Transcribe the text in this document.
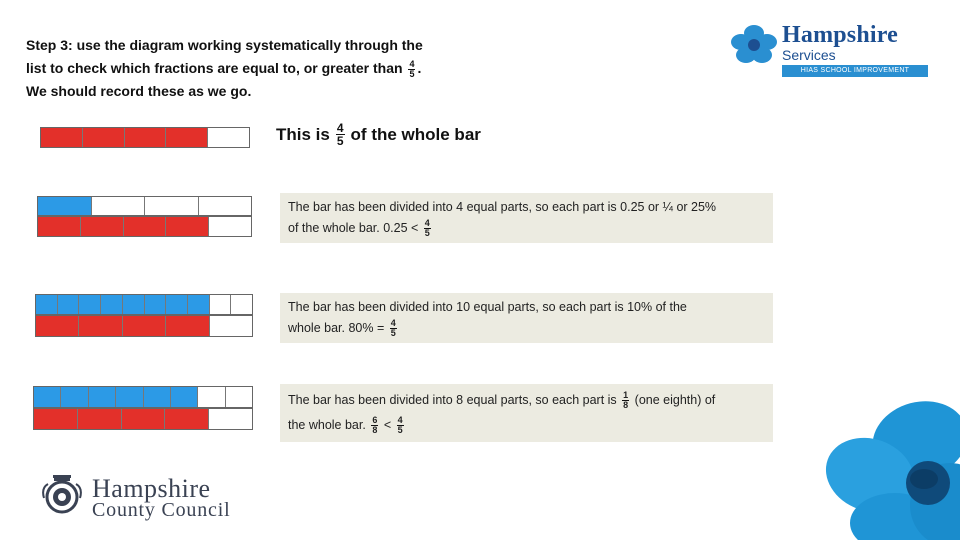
Step 3: use the diagram working systematically through the
list to check which fractions are equal to, or greater than $\frac{4}{5}$ .
We should record these as we go.
Hampshire
Services
HIAS SCHOOL IMPROVEMENT
This is $\frac{4}{5}$ of the whole bar
The bar has been divided into 4 equal parts, so each part is 0.25 or ¼ or 25%
of the whole bar. $0.25 < \frac{4}{5}$
The bar has been divided into 10 equal parts, so each part is 10% of the
whole bar. $80\% = \frac{4}{5}$
The bar has been divided into 8 equal parts, so each part is $\frac{1}{8} (one$ eighth) of
the whole bar. $\frac{6}{8} < \frac{4}{5}$
Hampshire
County Council
